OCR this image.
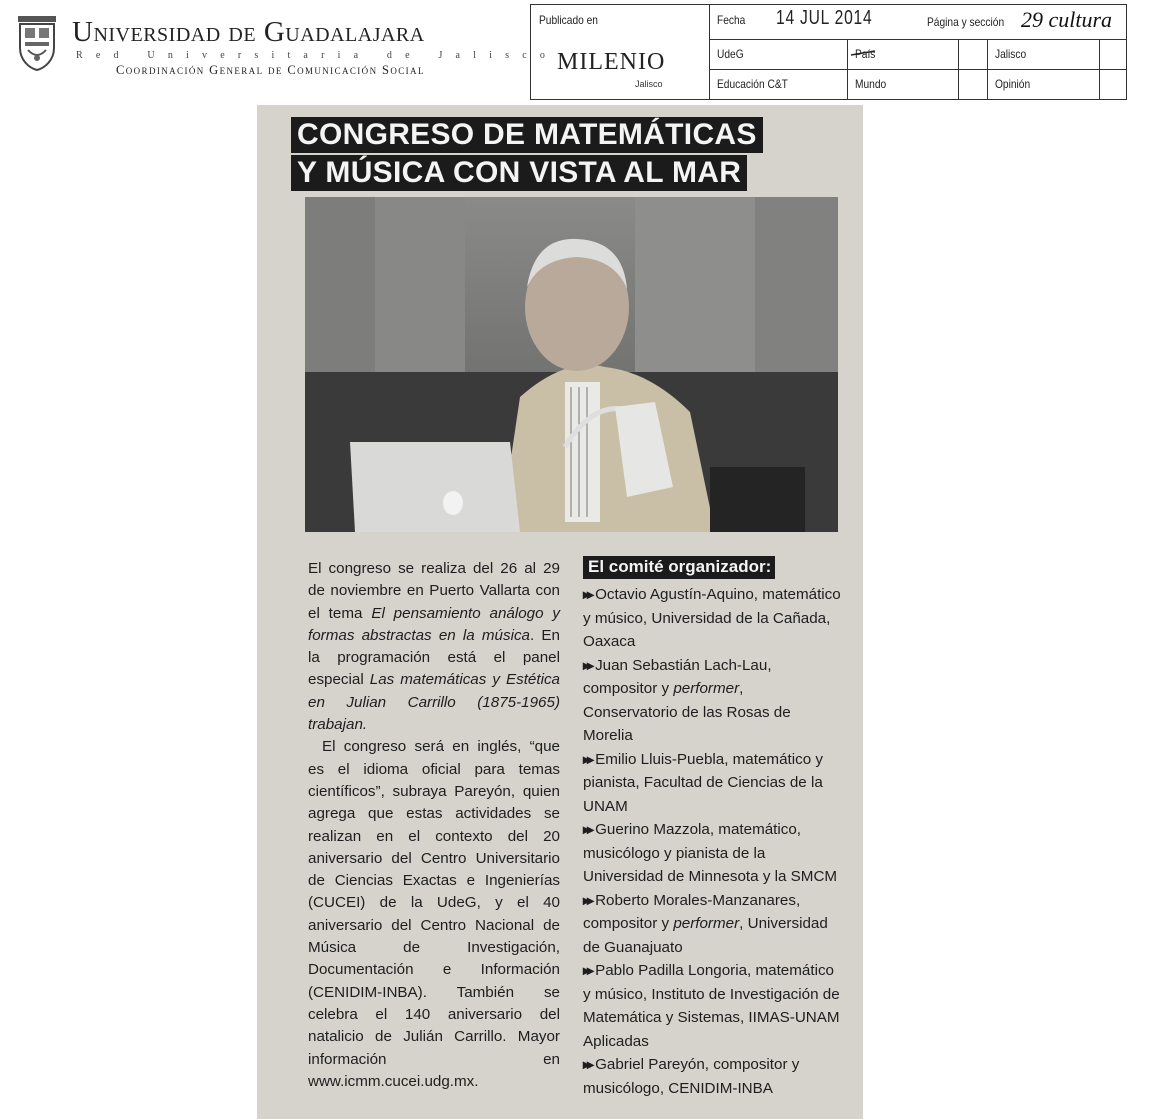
Universidad de Guadalajara
Red Universitaria de Jalisco
Coordinación General de Comunicación Social
Publicado en
MILENIO
Jalisco
Fecha 14 JUL 2014	Página y sección 29 cultura
UdeG	País	Jalisco
Educación C&T	Mundo	Opinión
CONGRESO DE MATEMÁTICAS
Y MÚSICA CON VISTA AL MAR

El congreso se realiza del 26 al 29 de noviembre en Puerto Vallarta con el tema El pensamiento análogo y formas abstractas en la música. En la programación está el panel especial Las matemáticas y Estética en Julian Carrillo (1875-1965) trabajan.

El congreso será en inglés, “que es el idioma oficial para temas científicos”, subraya Pareyón, quien agrega que estas actividades se realizan en el contexto del 20 aniversario del Centro Universitario de Ciencias Exactas e Ingenierías (CUCEI) de la UdeG, y el 40 aniversario del Centro Nacional de Música de Investigación, Documentación e Información (CENIDIM-INBA). También se celebra el 140 aniversario del natalicio de Julián Carrillo. Mayor información en www.icmm.cucei.udg.mx.

El comité organizador:

▸▸ Octavio Agustín-Aquino, matemático y músico, Universidad de la Cañada, Oaxaca

▸▸ Juan Sebastián Lach-Lau, compositor y performer, Conservatorio de las Rosas de Morelia

▸▸ Emilio Lluis-Puebla, matemático y pianista, Facultad de Ciencias de la UNAM

▸▸ Guerino Mazzola, matemático, musicólogo y pianista de la Universidad de Minnesota y la SMCM

▸▸ Roberto Morales-Manzanares, compositor y performer, Universidad de Guanajuato

▸▸ Pablo Padilla Longoria, matemático y músico, Instituto de Investigación de Matemática y Sistemas, IIMAS-UNAM Aplicadas

▸▸ Gabriel Pareyón, compositor y musicólogo, CENIDIM-INBA
